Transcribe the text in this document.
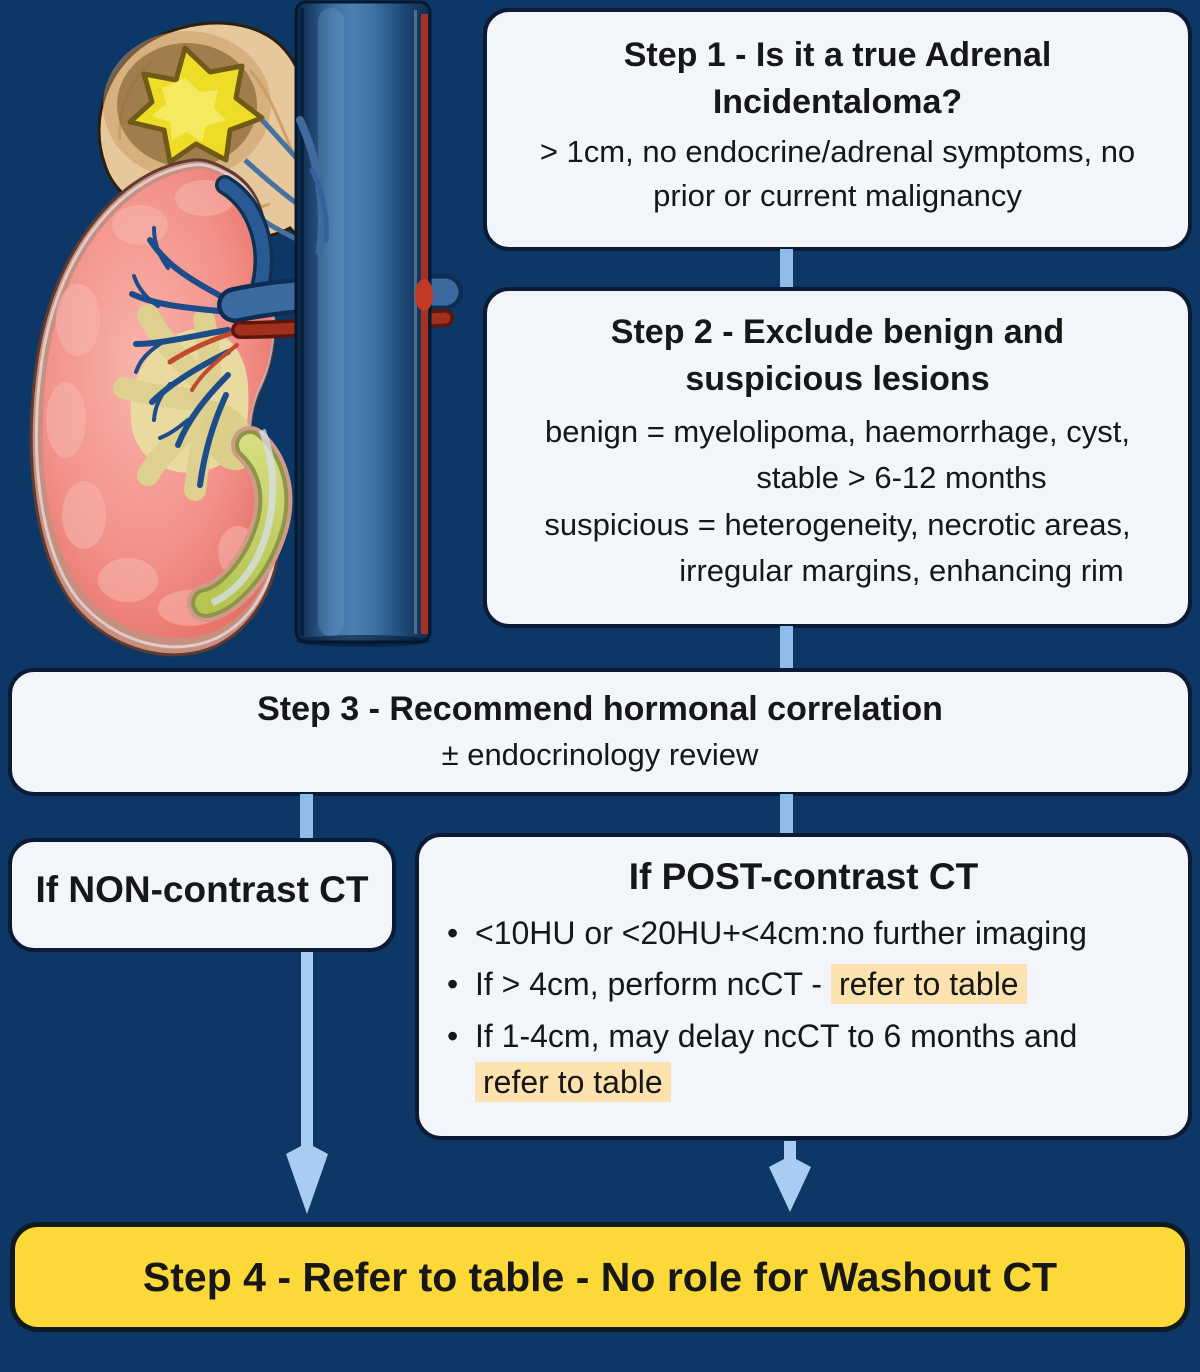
Step 1 - Is it a true Adrenal Incidentaloma?
> 1cm, no endocrine/adrenal symptoms, no
prior or current malignancy
Step 2 - Exclude benign and suspicious lesions
benign = myelolipoma, haemorrhage, cyst,
stable > 6-12 months
suspicious = heterogeneity, necrotic areas,
irregular margins, enhancing rim
Step 3 - Recommend hormonal correlation
± endocrinology review
If NON-contrast CT	If POST-contrast CT
• <10HU or <20HU+<4cm:no further imaging
• If > 4cm, perform ncCT - refer to table
• If 1-4cm, may delay ncCT to 6 months and
refer to table
Step 4 - Refer to table - No role for Washout CT
